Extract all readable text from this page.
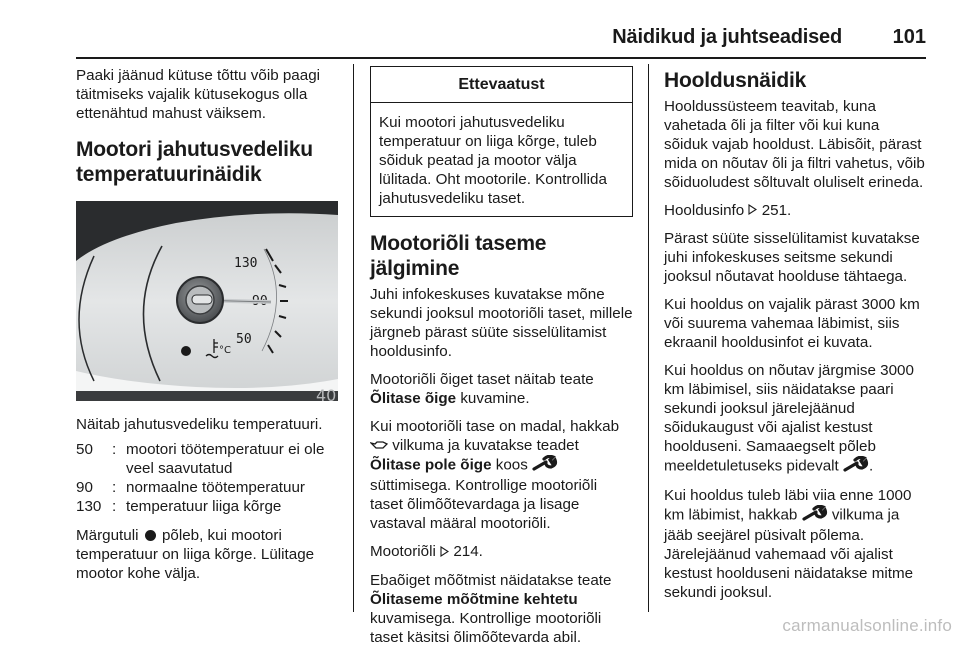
Näidikud ja juhtseadised	101

Paaki jäänud kütuse tõttu võib paagi täitmiseks vajalik kütusekogus olla ettenähtud mahust väiksem.

Mootori jahutusvedeliku temperatuurinäidik
130
50
°C
40

Näitab jahutusvedeliku temperatuuri.

50	: mootori töötemperatuur ei ole veel saavutatud
90	: normaalne töötemperatuur
130 : temperatuur liiga kõrge

Märgutuli põleb, kui mootori temperatuur on liiga kõrge. Lülitage mootor kohe välja.

Ettevaatust
Kui mootori jahutusvedeliku temperatuur on liiga kõrge, tuleb sõiduk peatad ja mootor välja lülitada. Oht mootorile. Kontrollida jahutusvedeliku taset.
Mootoriõli taseme jälgimine

Juhi infokeskuses kuvatakse mõne sekundi jooksul mootoriõli taset, millele järgneb pärast süüte sisselülitamist hooldusinfo.

Mootoriõli õiget taset näitab teate Õlitase õige kuvamine.

Kui mootoriõli tase on madal, hakkab  vilkuma ja kuvatakse teadet Õlitase pole õige koos  süttimisega. Kontrollige mootoriõli taset õlimõõtevardaga ja lisage vastaval määral mootoriõli.

Mootoriõli 214.

Ebaõiget mõõtmist näidatakse teate Õlitaseme mõõtmine kehtetu kuvamisega. Kontrollige mootoriõli taset käsitsi õlimõõtevarda abil.

Hooldusnäidik

Hooldussüsteem teavitab, kuna vahetada õli ja filter või kui kuna sõiduk vajab hooldust. Läbisõit, pärast mida on nõutav õli ja filtri vahetus, võib sõiduoludest sõltuvalt oluliselt erineda.

Hooldusinfo 251.

Pärast süüte sisselülitamist kuvatakse juhi infokeskuses seitsme sekundi jooksul nõutavat hoolduse tähtaega.

Kui hooldus on vajalik pärast 3000 km või suurema vahemaa läbimist, siis ekraanil hooldusinfot ei kuvata.

Kui hooldus on nõutav järgmise 3000 km läbimisel, siis näidatakse paari sekundi jooksul järelejäänud sõidukaugust või ajalist kestust hoolduseni. Samaaegselt põleb meeldetuletuseks pidevalt .

Kui hooldus tuleb läbi viia enne 1000 km läbimist, hakkab vilkuma ja jääb seejärel püsivalt põlema. Järelejäänud vahemaad või ajalist kestust hoolduseni näidatakse mitme sekundi jooksul.

carmanualsonline.info
